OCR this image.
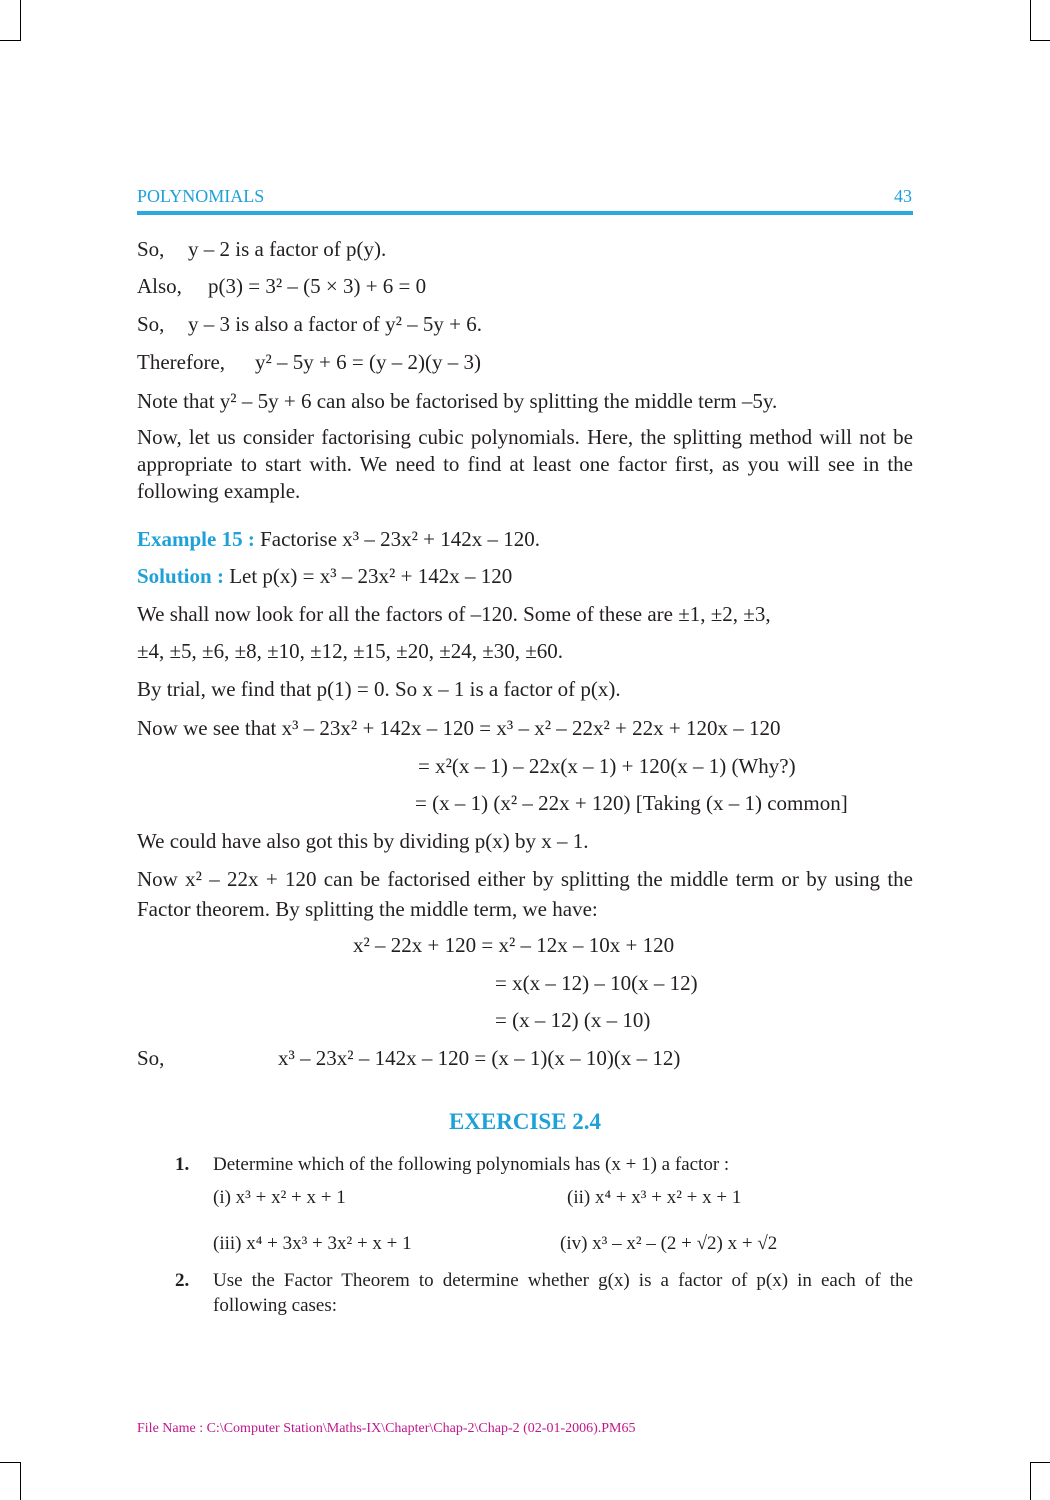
POLYNOMIALS	43
So, y – 2 is a factor of p(y).
Also, p(3) = 3² – (5 × 3) + 6 = 0
So, y – 3 is also a factor of y² – 5y + 6.
Therefore, y² – 5y + 6 = (y – 2)(y – 3)
Note that y² – 5y + 6 can also be factorised by splitting the middle term –5y.
Now, let us consider factorising cubic polynomials. Here, the splitting method will not be appropriate to start with. We need to find at least one factor first, as you will see in the following example.
Example 15 : Factorise x³ – 23x² + 142x – 120.
Solution : Let p(x) = x³ – 23x² + 142x – 120
We shall now look for all the factors of –120. Some of these are ±1, ±2, ±3,
±4, ±5, ±6, ±8, ±10, ±12, ±15, ±20, ±24, ±30, ±60.
By trial, we find that p(1) = 0. So x – 1 is a factor of p(x).
Now we see that x³ – 23x² + 142x – 120 = x³ – x² – 22x² + 22x + 120x – 120
= x²(x – 1) – 22x(x – 1) + 120(x – 1) (Why?)
= (x – 1) (x² – 22x + 120) [Taking (x – 1) common]
We could have also got this by dividing p(x) by x – 1.
Now x² – 22x + 120 can be factorised either by splitting the middle term or by using the Factor theorem. By splitting the middle term, we have:
x² – 22x + 120 = x² – 12x – 10x + 120
= x(x – 12) – 10(x – 12)
= (x – 12) (x – 10)
So,	x³ – 23x² – 142x – 120 = (x – 1)(x – 10)(x – 12)
EXERCISE 2.4
1. Determine which of the following polynomials has (x + 1) a factor :
(i) x³ + x² + x + 1	(ii) x⁴ + x³ + x² + x + 1
(iii) x⁴ + 3x³ + 3x² + x + 1	(iv) x³ – x² – (2 + √2) x + √2
2. Use the Factor Theorem to determine whether g(x) is a factor of p(x) in each of the following cases:
File Name : C:\Computer Station\Maths-IX\Chapter\Chap-2\Chap-2 (02-01-2006).PM65
